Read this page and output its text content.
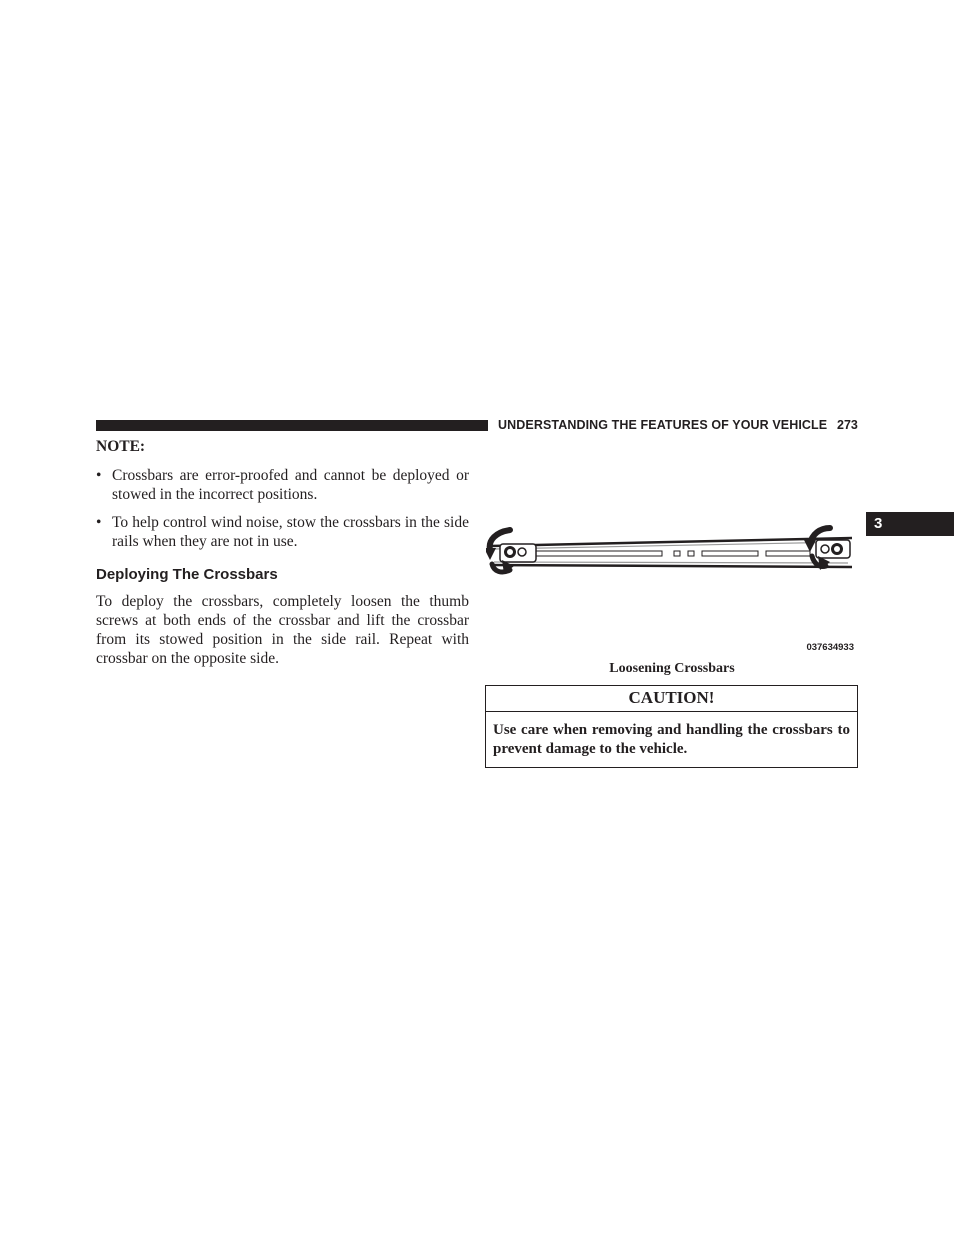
UNDERSTANDING THE FEATURES OF YOUR VEHICLE 273
3

NOTE:

• Crossbars are error-proofed and cannot be deployed or stowed in the incorrect positions.
• To help control wind noise, stow the crossbars in the side rails when they are not in use.
Deploying The Crossbars

To deploy the crossbars, completely loosen the thumb screws at both ends of the crossbar and lift the crossbar from its stowed position in the side rail. Repeat with crossbar on the opposite side.

037634933
Loosening Crossbars
CAUTION!
Use care when removing and handling the crossbars to prevent damage to the vehicle.
